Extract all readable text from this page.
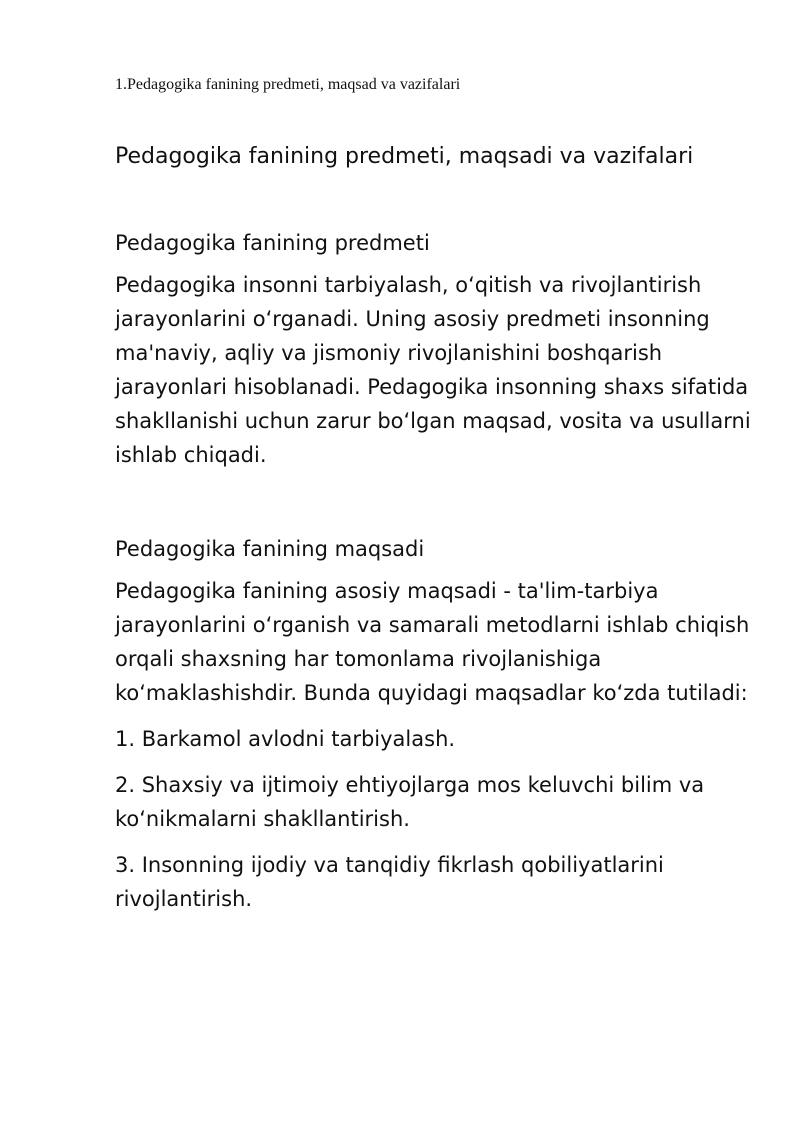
1.Pedagogika fanining predmeti, maqsad va vazifalari
Pedagogika fanining predmeti, maqsadi va vazifalari
Pedagogika fanining predmeti

Pedagogika insonni tarbiyalash, oʻqitish va rivojlantirish jarayonlarini oʻrganadi. Uning asosiy predmeti insonning ma'naviy, aqliy va jismoniy rivojlanishini boshqarish jarayonlari hisoblanadi. Pedagogika insonning shaxs sifatida shakllanishi uchun zarur boʻlgan maqsad, vosita va usullarni ishlab chiqadi.

Pedagogika fanining maqsadi

Pedagogika fanining asosiy maqsadi - ta'lim-tarbiya jarayonlarini oʻrganish va samarali metodlarni ishlab chiqish orqali shaxsning har tomonlama rivojlanishiga koʻmaklashishdir. Bunda quyidagi maqsadlar koʻzda tutiladi:

1. Barkamol avlodni tarbiyalash.

2. Shaxsiy va ijtimoiy ehtiyojlarga mos keluvchi bilim va koʻnikmalarni shakllantirish.

3. Insonning ijodiy va tanqidiy fikrlash qobiliyatlarini rivojlantirish.
